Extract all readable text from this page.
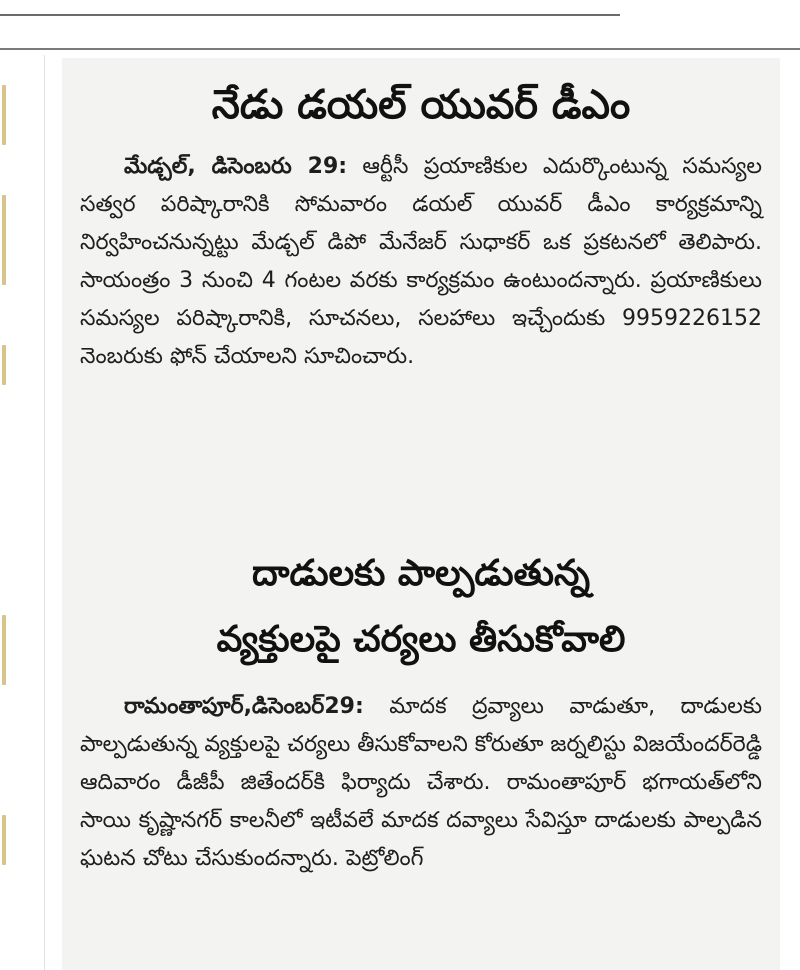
నేడు డయల్ యువర్ డీఎం

మేడ్చల్, డిసెంబరు 29: ఆర్టీసీ ప్రయాణికుల ఎదుర్కొంటున్న సమస్యల సత్వర పరిష్కారానికి సోమవారం డయల్ యువర్ డీఎం కార్యక్రమాన్ని నిర్వహించనున్నట్టు మేడ్చల్ డిపో మేనేజర్ సుధాకర్ ఒక ప్రకటనలో తెలిపారు. సాయంత్రం 3 నుంచి 4 గంటల వరకు కార్యక్రమం ఉంటుందన్నారు. ప్రయాణికులు సమస్యల పరిష్కారానికి, సూచనలు, సలహాలు ఇచ్చేందుకు 9959226152 నెంబరుకు ఫోన్ చేయాలని సూచించారు.

దాడులకు పాల్పడుతున్న
వ్యక్తులపై చర్యలు తీసుకోవాలి

రామంతాపూర్,డిసెంబర్29: మాదక ద్రవ్యాలు వాడుతూ, దాడులకు పాల్పడుతున్న వ్యక్తులపై చర్యలు తీసుకోవాలని కోరుతూ జర్నలిస్టు విజయేందర్‌రెడ్డి ఆదివారం డీజీపీ జితేందర్‌కి ఫిర్యాదు చేశారు. రామంతాపూర్ భగాయత్‌లోని సాయి కృష్ణానగర్ కాలనీలో ఇటీవలే మాదక దవ్యాలు సేవిస్తూ దాడులకు పాల్పడిన ఘటన చోటు చేసుకుందన్నారు. పెట్రోలింగ్
